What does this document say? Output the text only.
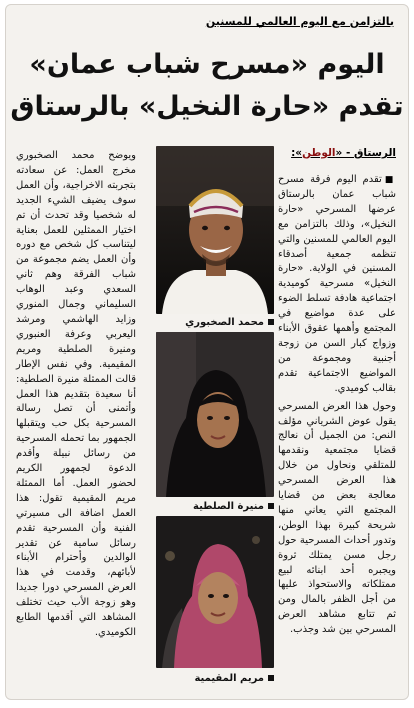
بالتزامن مع اليوم العالمي للمسنين
اليوم «مسرح شباب عمان»
تقدم «حارة النخيل» بالرستاق
الرستاق - «الوطن»:

■تقدم اليوم فرقة مسرح شباب عمان بالرستاق عرضها المسرحي «حارة النخيل»، وذلك بالتزامن مع اليوم العالمي للمسنين والتي تنظمه جمعية أصدقاء المسنين في الولاية. «حارة النخيل» مسرحية كوميدية اجتماعية هادفة تسلط الضوء على عدة مواضيع في المجتمع وأهمها عقوق الأبناء وزواج كبار السن من زوجة أجنبية ومجموعة من المواضيع الاجتماعية تقدم بقالب كوميدي.

وحول هذا العرض المسرحي يقول عوض الشرياني مؤلف النص: من الجميل أن نعالج قضايا مجتمعية ونقدمها للمتلقي ونحاول من خلال هذا العرض المسرحي معالجة بعض من قضايا المجتمع التي يعاني منها شريحة كبيرة بهذا الوطن، وتدور أحداث المسرحية حول رجل مسن يمتلك ثروة ويجبره أحد ابنائه لبيع ممتلكاته والاستحواذ عليها من أجل الظفر بالمال ومن ثم تتابع مشاهد العرض المسرحي بين شد وجذب.

محمد الصخبوري
منيرة الصلطية
مريم المقيمية

ويوضح محمد الصخبوري مخرج العمل: عن سعادته بتجربته الاخراجية، وأن العمل سوف يضيف الشيء الجديد له شخصيا وقد تحدث أن تم اختيار الممثلين للعمل بعناية ليتناسب كل شخص مع دوره وأن العمل يضم مجموعة من شباب الفرقة وهم ثاني السعدي وعبد الوهاب السليماني وجمال المنوري وزايد الهاشمي ومرشد اليعربي وعرفة العنبوري ومنيرة الصلطية ومريم المقيمية. وفي نفس الإطار قالت الممثلة منيرة الصلطية: أنا سعيدة بتقديم هذا العمل وأتمنى أن تصل رسالة المسرحية بكل حب ويتقبلها الجمهور بما تحمله المسرحية من رسائل نبيلة وأقدم الدعوة لجمهور الكريم لحضور العمل. أما الممثلة مريم المقيمية تقول: هذا العمل اضافة الى مسيرتي الفنية وأن المسرحية تقدم رسائل سامية عن تقدير الوالدين وأحترام الأبناء لأبائهم، وقدمت في هذا العرض المسرحي دورا جديدا وهو زوجة الأب حيث تختلف المشاهد التي أقدمها الطابع الكوميدي.
